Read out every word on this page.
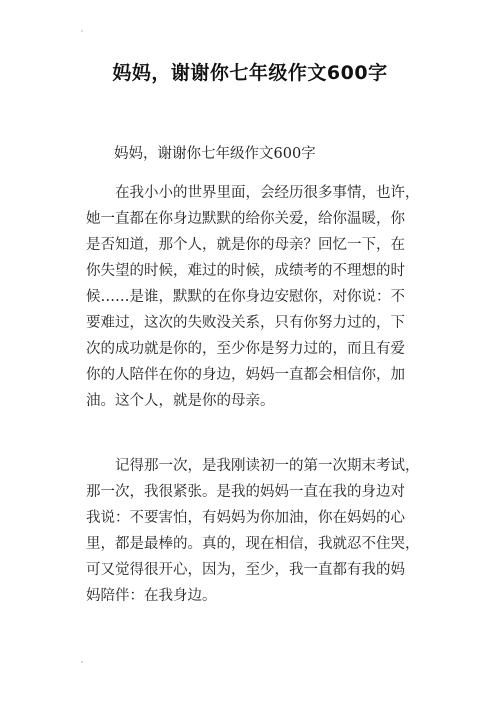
妈妈，谢谢你七年级作文600字
妈妈，谢谢你七年级作文600字
　　在我小小的世界里面，会经历很多事情，也许，
她一直都在你身边默默的给你关爱，给你温暖，你
是否知道，那个人，就是你的母亲？回忆一下，在
你失望的时候，难过的时候，成绩考的不理想的时
候……是谁，默默的在你身边安慰你，对你说：不
要难过，这次的失败没关系，只有你努力过的，下
次的成功就是你的，至少你是努力过的，而且有爱
你的人陪伴在你的身边，妈妈一直都会相信你，加
油。这个人，就是你的母亲。
　　记得那一次，是我刚读初一的第一次期末考试，
那一次，我很紧张。是我的妈妈一直在我的身边对
我说：不要害怕，有妈妈为你加油，你在妈妈的心
里，都是最棒的。真的，现在相信，我就忍不住哭，
可又觉得很开心，因为，至少，我一直都有我的妈
妈陪伴：在我身边。
